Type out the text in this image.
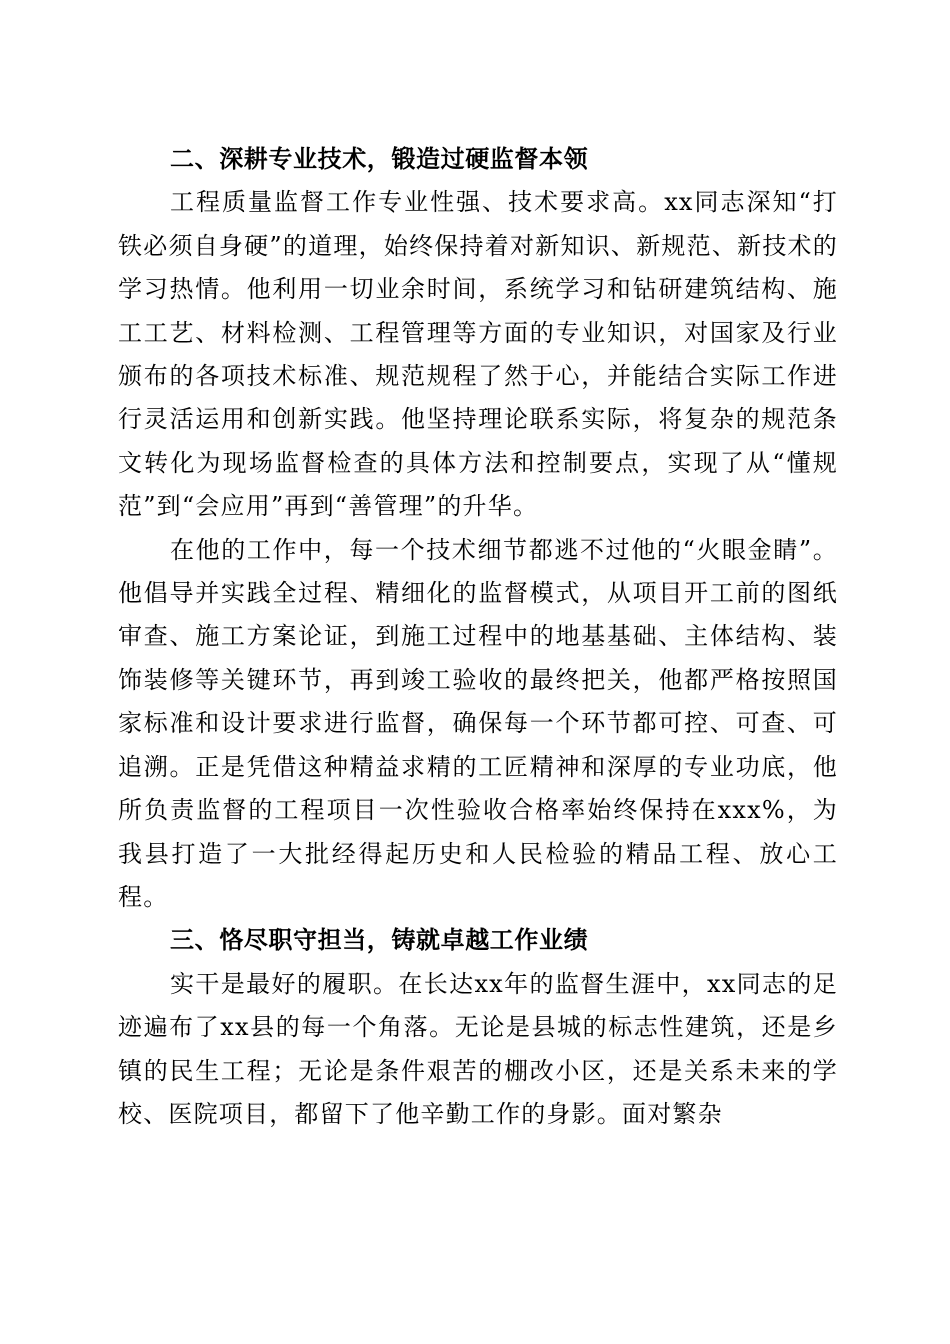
二、深耕专业技术，锻造过硬监督本领

工程质量监督工作专业性强、技术要求高。xx同志深知“打铁必须自身硬”的道理，始终保持着对新知识、新规范、新技术的学习热情。他利用一切业余时间，系统学习和钻研建筑结构、施工工艺、材料检测、工程管理等方面的专业知识，对国家及行业颁布的各项技术标准、规范规程了然于心，并能结合实际工作进行灵活运用和创新实践。他坚持理论联系实际，将复杂的规范条文转化为现场监督检查的具体方法和控制要点，实现了从“懂规范”到“会应用”再到“善管理”的升华。

在他的工作中，每一个技术细节都逃不过他的“火眼金睛”。他倡导并实践全过程、精细化的监督模式，从项目开工前的图纸审查、施工方案论证，到施工过程中的地基基础、主体结构、装饰装修等关键环节，再到竣工验收的最终把关，他都严格按照国家标准和设计要求进行监督，确保每一个环节都可控、可查、可追溯。正是凭借这种精益求精的工匠精神和深厚的专业功底，他所负责监督的工程项目一次性验收合格率始终保持在xxx%，为我县打造了一大批经得起历史和人民检验的精品工程、放心工程。

三、恪尽职守担当，铸就卓越工作业绩

实干是最好的履职。在长达xx年的监督生涯中，xx同志的足迹遍布了xx县的每一个角落。无论是县城的标志性建筑，还是乡镇的民生工程；无论是条件艰苦的棚改小区，还是关系未来的学校、医院项目，都留下了他辛勤工作的身影。面对繁杂
